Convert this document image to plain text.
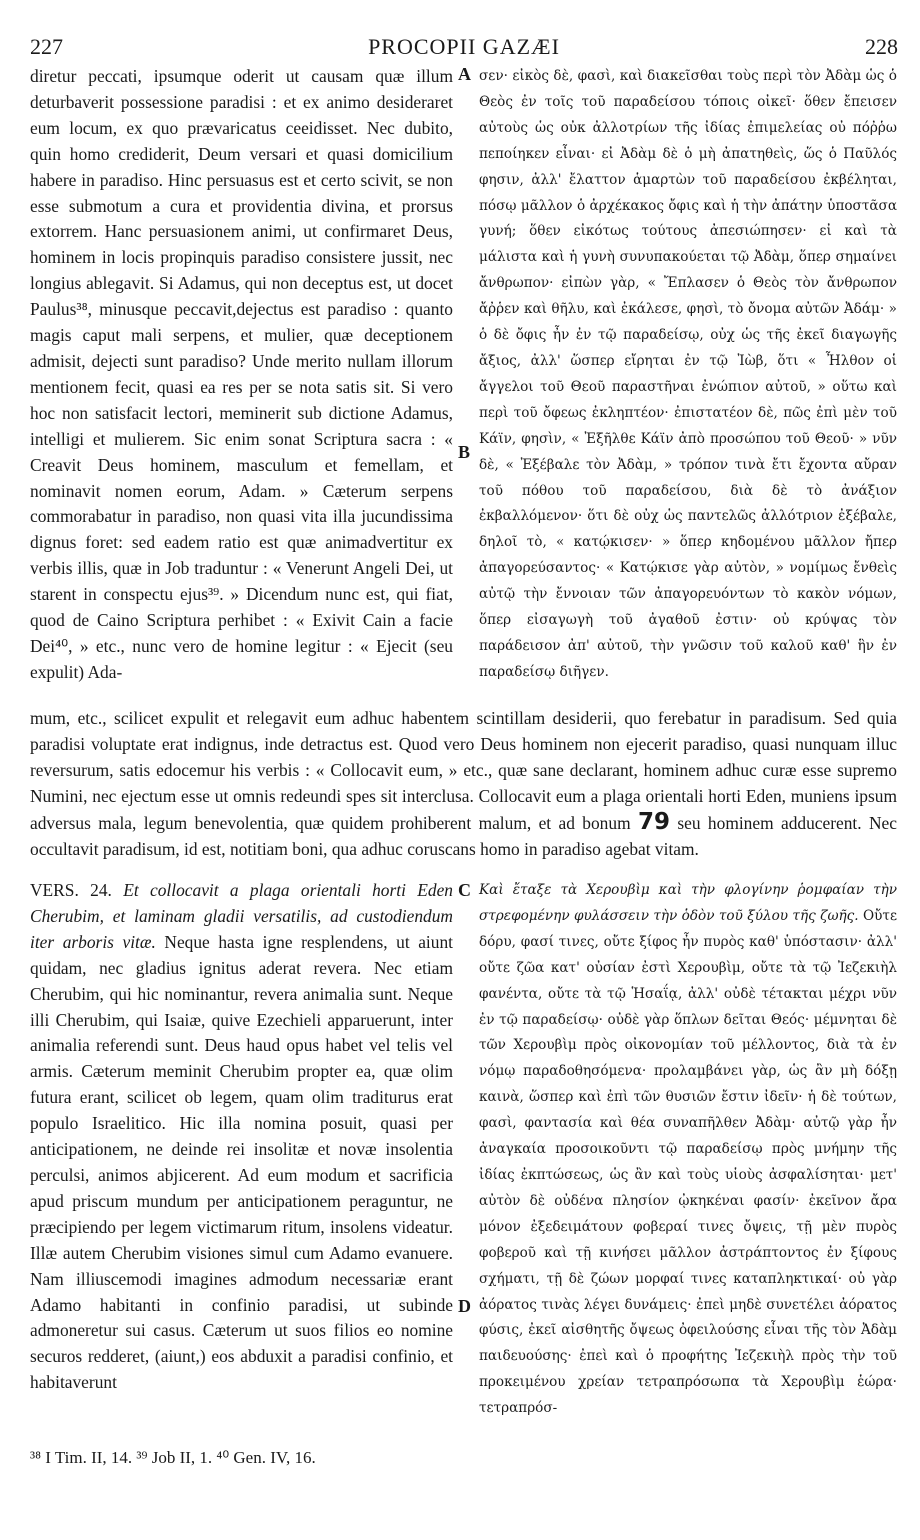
227	PROCOPII GAZÆI	228

diretur peccati, ipsumque oderit ut causam quæ illum deturbaverit possessione paradisi : et ex animo desideraret eum locum, ex quo prævaricatus ceeidisset. Nec dubito, quin homo crediderit, Deum versari et quasi domicilium habere in paradiso. Hinc persuasus est et certo scivit, se non esse submotum a cura et providentia divina, et prorsus extorrem. Hanc persuasionem animi, ut confirmaret Deus, hominem in locis propinquis paradiso consistere jussit, nec longius ablegavit. Si Adamus, qui non deceptus est, ut docet Paulus³⁸, minusque peccavit,dejectus est paradiso : quanto magis caput mali serpens, et mulier, quæ deceptionem admisit, dejecti sunt paradiso? Unde merito nullam illorum mentionem fecit, quasi ea res per se nota satis sit. Si vero hoc non satisfacit lectori, meminerit sub dictione Adamus, intelligi et mulierem. Sic enim sonat Scriptura sacra : « Creavit Deus hominem, masculum et femellam, et nominavit nomen eorum, Adam. » Cæterum serpens commorabatur in paradiso, non quasi vita illa jucundissima dignus foret: sed eadem ratio est quæ animadvertitur ex verbis illis, quæ in Job traduntur : « Venerunt Angeli Dei, ut starent in conspectu ejus³⁹. » Dicendum nunc est, qui fiat, quod de Caino Scriptura perhibet : « Exivit Cain a facie Dei⁴⁰, » etc., nunc vero de homine legitur : « Ejecit (seu expulit) Ada-

A
B

σεν· εἰκὸς δὲ, φασὶ, καὶ διακεῖσθαι τοὺς περὶ τὸν Ἀδὰμ ὡς ὁ Θεὸς ἐν τοῖς τοῦ παραδείσου τόποις οἰκεῖ· ὅθεν ἔπεισεν αὐτοὺς ὡς οὐκ ἀλλοτρίων τῆς ἰδίας ἐπιμελείας οὐ πόῤῥω πεποίηκεν εἶναι· εἰ Ἀδὰμ δὲ ὁ μὴ ἀπατηθεὶς, ὥς ὁ Παῦλός φησιν, ἀλλ' ἔλαττον ἁμαρτὼν τοῦ παραδείσου ἐκβέληται, πόσῳ μᾶλλον ὁ ἀρχέκακος ὄφις καὶ ἡ τὴν ἀπάτην ὑποστᾶσα γυνή; ὅθεν εἰκότως τούτους ἀπεσιώπησεν· εἰ καὶ τὰ μάλιστα καὶ ἡ γυνὴ συνυπακούεται τῷ Ἀδὰμ, ὅπερ σημαίνει ἄνθρωπον· εἰπὼν γὰρ, « Ἔπλασεν ὁ Θεὸς τὸν ἄνθρωπον ἄῤῥεν καὶ θῆλυ, καὶ ἐκάλεσε, φησὶ, τὸ ὄνομα αὐτῶν Ἀδάμ· » ὁ δὲ ὄφις ἦν ἐν τῷ παραδείσῳ, οὐχ ὡς τῆς ἐκεῖ διαγωγῆς ἄξιος, ἀλλ' ὥσπερ εἴρηται ἐν τῷ Ἰὼβ, ὅτι « Ἦλθον οἱ ἄγγελοι τοῦ Θεοῦ παραστῆναι ἐνώπιον αὐτοῦ, » οὕτω καὶ περὶ τοῦ ὄφεως ἐκληπτέον· ἐπιστατέον δὲ, πῶς ἐπὶ μὲν τοῦ Κάϊν, φησὶν, « Ἐξῆλθε Κάϊν ἀπὸ προσώπου τοῦ Θεοῦ· » νῦν δὲ, « Ἐξέβαλε τὸν Ἀδὰμ, » τρόπον τινὰ ἔτι ἔχοντα αὔραν τοῦ πόθου τοῦ παραδείσου, διὰ δὲ τὸ ἀνάξιον ἐκβαλλόμενον· ὅτι δὲ οὐχ ὡς παντελῶς ἀλλότριον ἐξέβαλε, δηλοῖ τὸ, « κατῴκισεν· » ὅπερ κηδομένου μᾶλλον ἤπερ ἀπαγορεύσαντος· « Κατῴκισε γὰρ αὐτὸν, » νομίμως ἔνθεὶς αὐτῷ τὴν ἔννοιαν τῶν ἀπαγορευόντων τὸ κακὸν νόμων, ὅπερ εἰσαγωγὴ τοῦ ἀγαθοῦ ἐστιν· οὐ κρύψας τὸν παράδεισον ἀπ' αὐτοῦ, τὴν γνῶσιν τοῦ καλοῦ καθ' ἣν ἐν παραδείσῳ διῆγεν.

mum, etc., scilicet expulit et relegavit eum adhuc habentem scintillam desiderii, quo ferebatur in paradisum. Sed quia paradisi voluptate erat indignus, inde detractus est. Quod vero Deus hominem non ejecerit paradiso, quasi nunquam illuc reversurum, satis edocemur his verbis : « Collocavit eum, » etc., quæ sane declarant, hominem adhuc curæ esse supremo Numini, nec ejectum esse ut omnis redeundi spes sit interclusa. Collocavit eum a plaga orientali horti Eden, muniens ipsum adversus mala, legum benevolentia, quæ quidem prohiberent malum, et ad bonum 79 seu hominem adducerent. Nec occultavit paradisum, id est, notitiam boni, qua adhuc coruscans homo in paradiso agebat vitam.

C
D

VERS. 24. Et collocavit a plaga orientali horti Eden Cherubim, et laminam gladii versatilis, ad custodiendum iter arboris vitæ. Neque hasta igne resplendens, ut aiunt quidam, nec gladius ignitus aderat revera. Nec etiam Cherubim, qui hic nominantur, revera animalia sunt. Neque illi Cherubim, qui Isaiæ, quive Ezechieli apparuerunt, inter animalia referendi sunt. Deus haud opus habet vel telis vel armis. Cæterum meminit Cherubim propter ea, quæ olim futura erant, scilicet ob legem, quam olim traditurus erat populo Israelitico. Hic illa nomina posuit, quasi per anticipationem, ne deinde rei insolitæ et novæ insolentia perculsi, animos abjicerent. Ad eum modum et sacrificia apud priscum mundum per anticipationem peraguntur, ne præcipiendo per legem victimarum ritum, insolens videatur. Illæ autem Cherubim visiones simul cum Adamo evanuere. Nam illiuscemodi imagines admodum necessariæ erant Adamo habitanti in confinio paradisi, ut subinde admoneretur sui casus. Cæterum ut suos filios eo nomine securos redderet, (aiunt,) eos abduxit a paradisi confinio, et habitaverunt

Καὶ ἔταξε τὰ Χερουβὶμ καὶ τὴν φλογίνην ῥομφαίαν τὴν στρεφομένην φυλάσσειν τὴν ὁδὸν τοῦ ξύλου τῆς ζωῆς. Οὔτε δόρυ, φασί τινες, οὔτε ξίφος ἦν πυρὸς καθ' ὑπόστασιν· ἀλλ' οὔτε ζῶα κατ' οὐσίαν ἐστὶ Χερουβὶμ, οὔτε τὰ τῷ Ἰεζεκιὴλ φανέντα, οὔτε τὰ τῷ Ἡσαΐᾳ, ἀλλ' οὐδὲ τέτακται μέχρι νῦν ἐν τῷ παραδείσῳ· οὐδὲ γὰρ ὅπλων δεῖται Θεός· μέμνηται δὲ τῶν Χερουβὶμ πρὸς οἰκονομίαν τοῦ μέλλοντος, διὰ τὰ ἐν νόμῳ παραδοθησόμενα· προλαμβάνει γὰρ, ὡς ἂν μὴ δόξῃ καινὰ, ὥσπερ καὶ ἐπὶ τῶν θυσιῶν ἔστιν ἰδεῖν· ἡ δὲ τούτων, φασὶ, φαντασία καὶ θέα συναπῆλθεν Ἀδὰμ· αὐτῷ γὰρ ἦν ἀναγκαία προσοικοῦντι τῷ παραδείσῳ πρὸς μνήμην τῆς ἰδίας ἐκπτώσεως, ὡς ἂν καὶ τοὺς υἱοὺς ἀσφαλίσηται· μετ' αὐτὸν δὲ οὐδένα πλησίον ᾠκηκέναι φασίν· ἐκεῖνον ἄρα μόνον ἐξεδειμάτουν φοβεραί τινες ὄψεις, τῇ μὲν πυρὸς φοβεροῦ καὶ τῇ κινήσει μᾶλλον ἀστράπτοντος ἐν ξίφους σχήματι, τῇ δὲ ζώων μορφαί τινες καταπληκτικαί· οὐ γὰρ ἀόρατος τινὰς λέγει δυνάμεις· ἐπεὶ μηδὲ συνετέλει ἀόρατος φύσις, ἐκεῖ αἰσθητῆς ὄψεως ὀφειλούσης εἶναι τῆς τὸν Ἀδὰμ παιδευούσης· ἐπεὶ καὶ ὁ προφήτης Ἰεζεκιὴλ πρὸς τὴν τοῦ προκειμένου χρείαν τετραπρόσωπα τὰ Χερουβὶμ ἑώρα· τετραπρόσ-

³⁸ I Tim. II, 14. ³⁹ Job II, 1. ⁴⁰ Gen. IV, 16.
